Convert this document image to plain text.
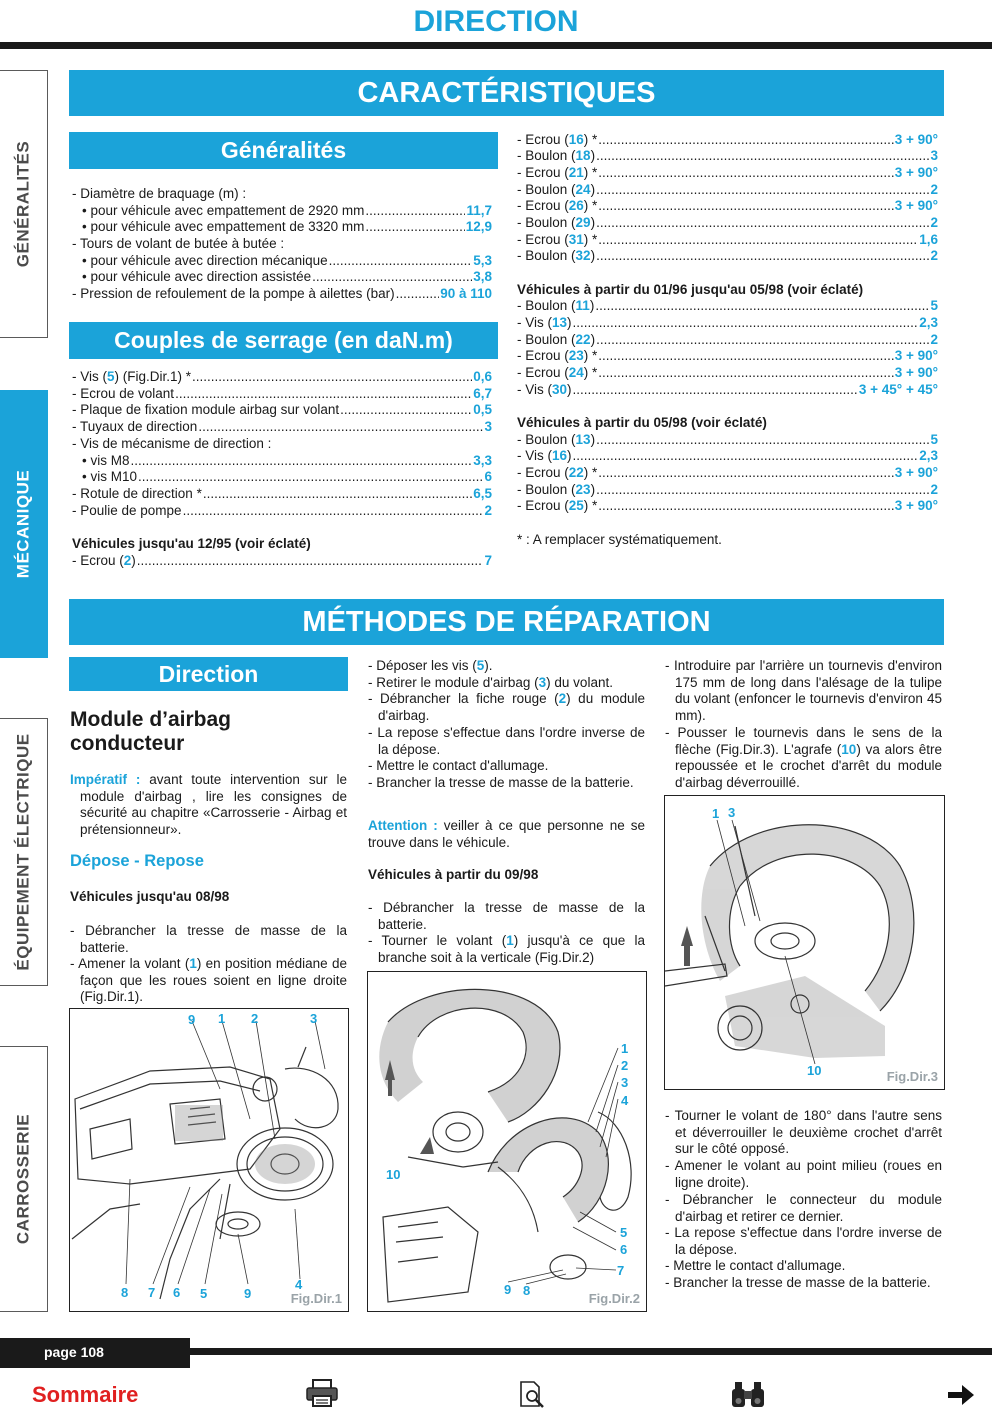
DIRECTION
GÉNÉRALITÉS
MÉCANIQUE
ÉQUIPEMENT ÉLECTRIQUE
CARROSSERIE
CARACTÉRISTIQUES
Généralités
- Diamètre de braquage (m) :
• pour véhicule avec empattement de 2920 mm .....	11,7
• pour véhicule avec empattement de 3320 mm .....	12,9
- Tours de volant de butée à butée :
• pour véhicule avec direction mécanique .....	5,3
• pour véhicule avec direction assistée .....	3,8
- Pression de refoulement de la pompe à ailettes (bar) .....	90 à 110
Couples de serrage (en daN.m)
- Vis (5) (Fig.Dir.1) * .....	0,6
- Ecrou de volant .....	6,7
- Plaque de fixation module airbag sur volant .....	0,5
- Tuyaux de direction .....	3
- Vis de mécanisme de direction :
• vis M8 .....	3,3
• vis M10 .....	6
- Rotule de direction * .....	6,5
- Poulie de pompe .....	2
Véhicules jusqu'au 12/95 (voir éclaté)
- Ecrou (2) .....	7
- Ecrou (16) * .....	3 + 90°
- Boulon (18) .....	3
- Ecrou (21) * .....	3 + 90°
- Boulon (24) .....	2
- Ecrou (26) * .....	3 + 90°
- Boulon (29) .....	2
- Ecrou (31) * .....	1,6
- Boulon (32) .....	2
Véhicules à partir du 01/96 jusqu'au 05/98 (voir éclaté)
- Boulon (11) .....	5
- Vis (13) .....	2,3
- Boulon (22) .....	2
- Ecrou (23) * .....	3 + 90°
- Ecrou (24) * .....	3 + 90°
- Vis (30) .....	3 + 45° + 45°
Véhicules à partir du 05/98 (voir éclaté)
- Boulon (13) .....	5
- Vis (16) .....	2,3
- Ecrou (22) * .....	3 + 90°
- Boulon (23) .....	2
- Ecrou (25) * .....	3 + 90°
* : A remplacer systématiquement.
MÉTHODES DE RÉPARATION
Direction
Module d’airbag conducteur
Impératif : avant toute intervention sur le module d'airbag , lire les consignes de sécurité au chapitre «Carrosserie - Airbag et prétensionneur».
Dépose - Repose
Véhicules jusqu'au 08/98
- Débrancher la tresse de masse de la batterie.
- Amener la volant (1) en position médiane de façon que les roues soient en ligne droite (Fig.Dir.1).
9 1 2	3
8 7 6 5	9
4
Fig.Dir.1
- Déposer les vis (5).
- Retirer le module d'airbag (3) du volant.
- Débrancher la fiche rouge (2) du module d'airbag.
- La repose s'effectue dans l'ordre inverse de la dépose.
- Mettre le contact d'allumage.
- Brancher la tresse de masse de la batterie.
Attention : veiller à ce que personne ne se trouve dans le véhicule.
Véhicules à partir du 09/98
- Débrancher la tresse de masse de la batterie.
- Tourner le volant (1) jusqu'à ce que la branche soit à la verticale (Fig.Dir.2)
1
2
3
4
10
5
6
7
9 8
Fig.Dir.2
- Introduire par l'arrière un tournevis d'environ 175 mm de long dans l'alésage de la tulipe du volant (enfoncer le tournevis d'environ 45 mm).
- Pousser le tournevis dans le sens de la flèche (Fig.Dir.3). L'agrafe (10) va alors être repoussée et le crochet d'arrêt du module d'airbag déverrouillé.
1 3
10	Fig.Dir.3
- Tourner le volant de 180° dans l'autre sens et déverrouiller le deuxième crochet d'arrêt sur le côté opposé.
- Amener le volant au point milieu (roues en ligne droite).
- Débrancher le connecteur du module d'airbag et retirer ce dernier.
- La repose s'effectue dans l'ordre inverse de la dépose.
- Mettre le contact d'allumage.
- Brancher la tresse de masse de la batterie.
page 108
Sommaire
